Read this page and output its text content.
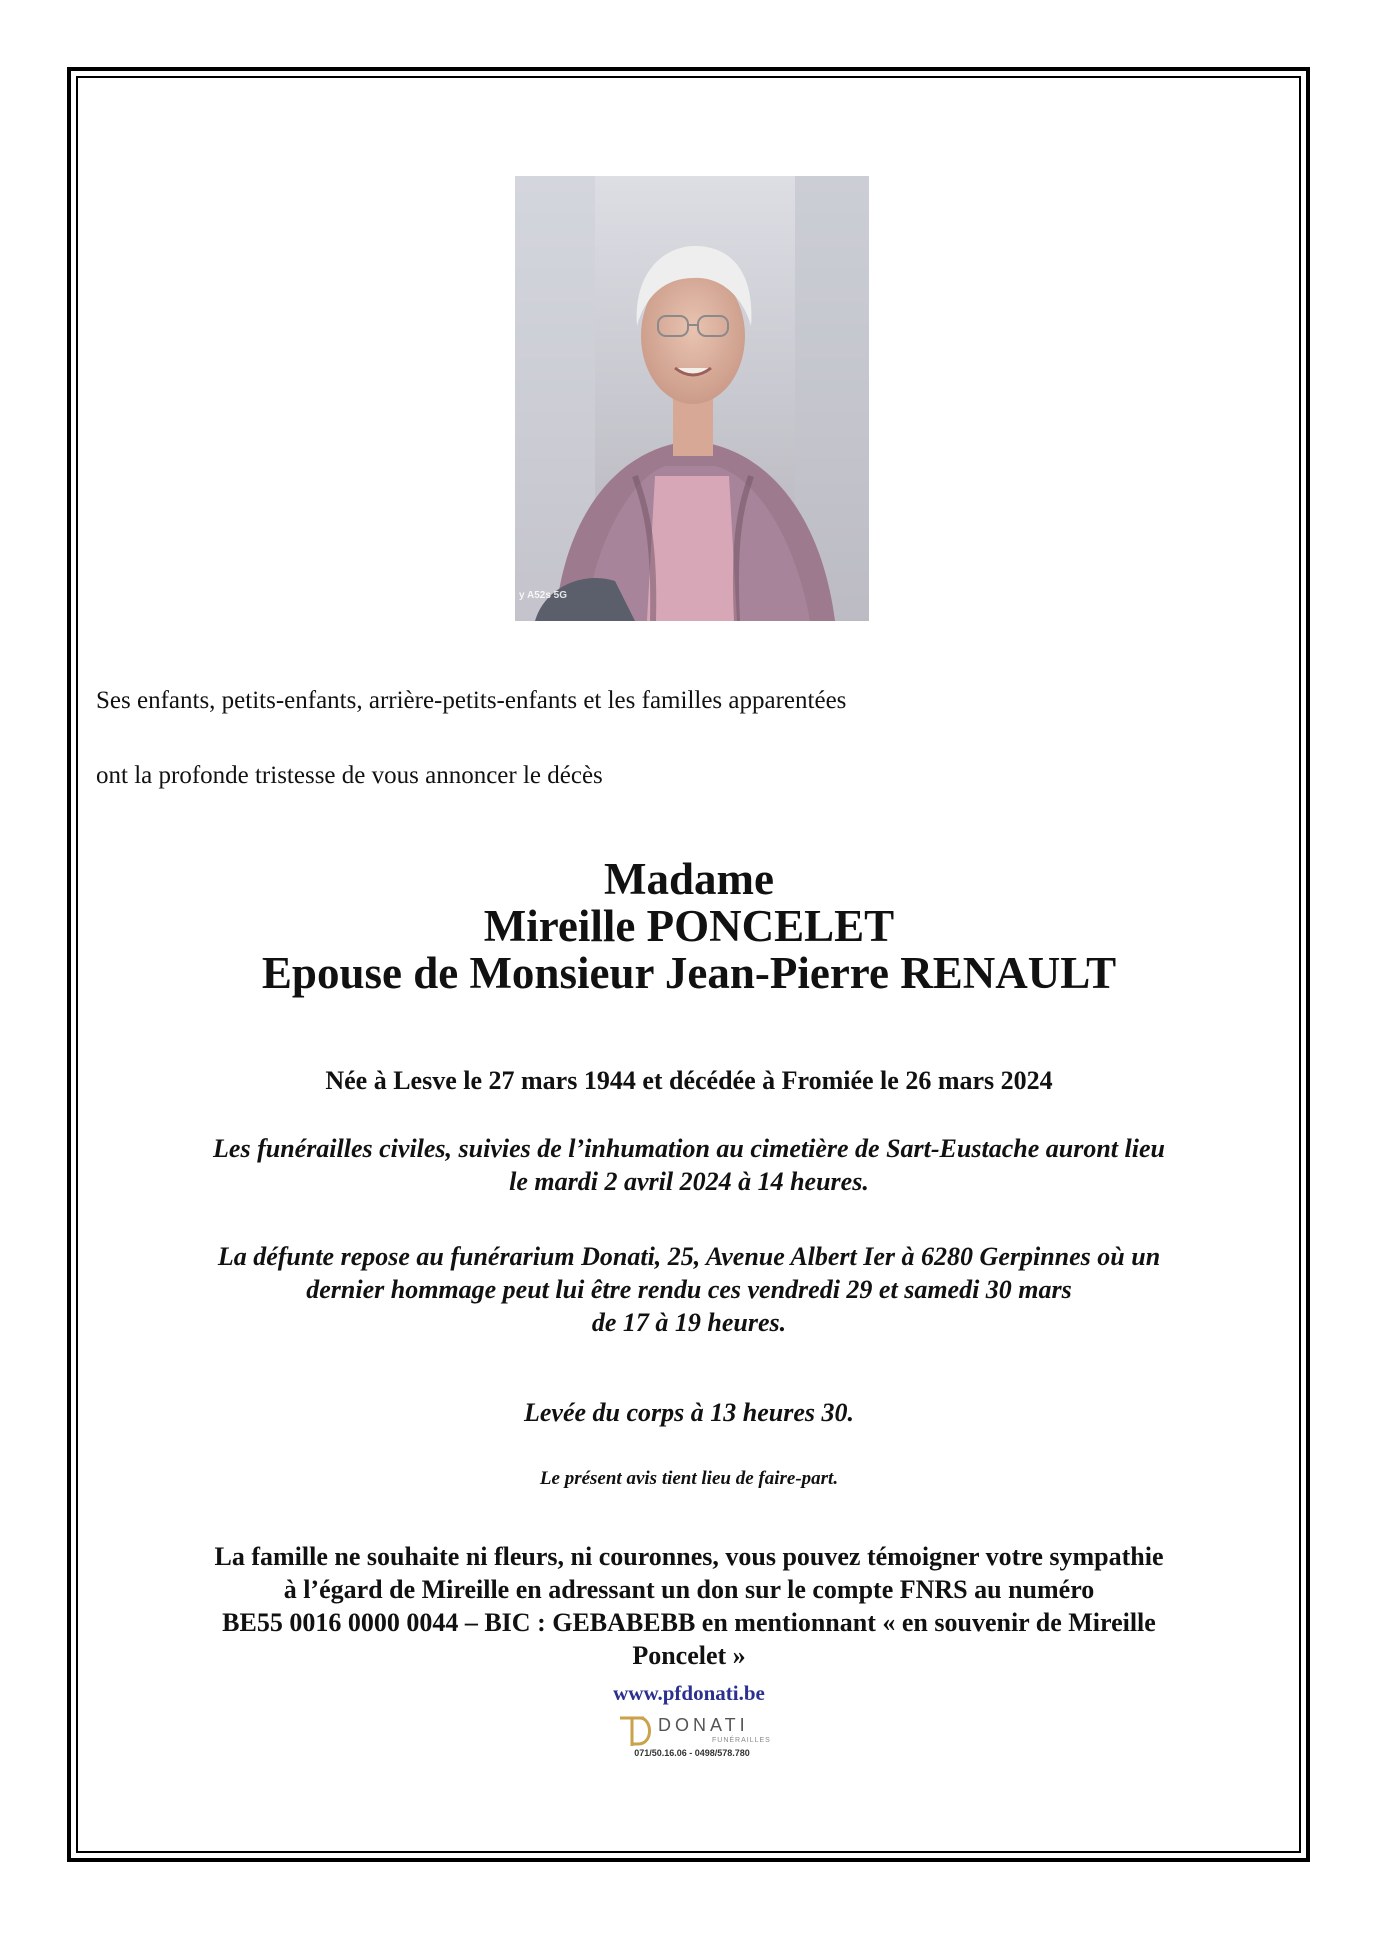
y A52s 5G
Ses enfants, petits-enfants, arrière-petits-enfants et les familles apparentées
ont la profonde tristesse de vous annoncer le décès
Madame
Mireille PONCELET
Epouse de Monsieur Jean-Pierre RENAULT
Née à Lesve le 27 mars 1944 et décédée à Fromiée le 26 mars 2024
Les funérailles civiles, suivies de l’inhumation au cimetière de Sart-Eustache auront lieu
le mardi 2 avril 2024 à 14 heures.
La défunte repose au funérarium Donati, 25, Avenue Albert Ier à 6280 Gerpinnes où un
dernier hommage peut lui être rendu ces vendredi 29 et samedi 30 mars
de 17 à 19 heures.
Levée du corps à 13 heures 30.
Le présent avis tient lieu de faire-part.
La famille ne souhaite ni fleurs, ni couronnes, vous pouvez témoigner votre sympathie
à l’égard de Mireille en adressant un don sur le compte FNRS au numéro
BE55 0016 0000 0044 – BIC : GEBABEBB en mentionnant « en souvenir de Mireille
Poncelet »
www.pfdonati.be
DONATI
FUNÉRAILLES
071/50.16.06 - 0498/578.780
